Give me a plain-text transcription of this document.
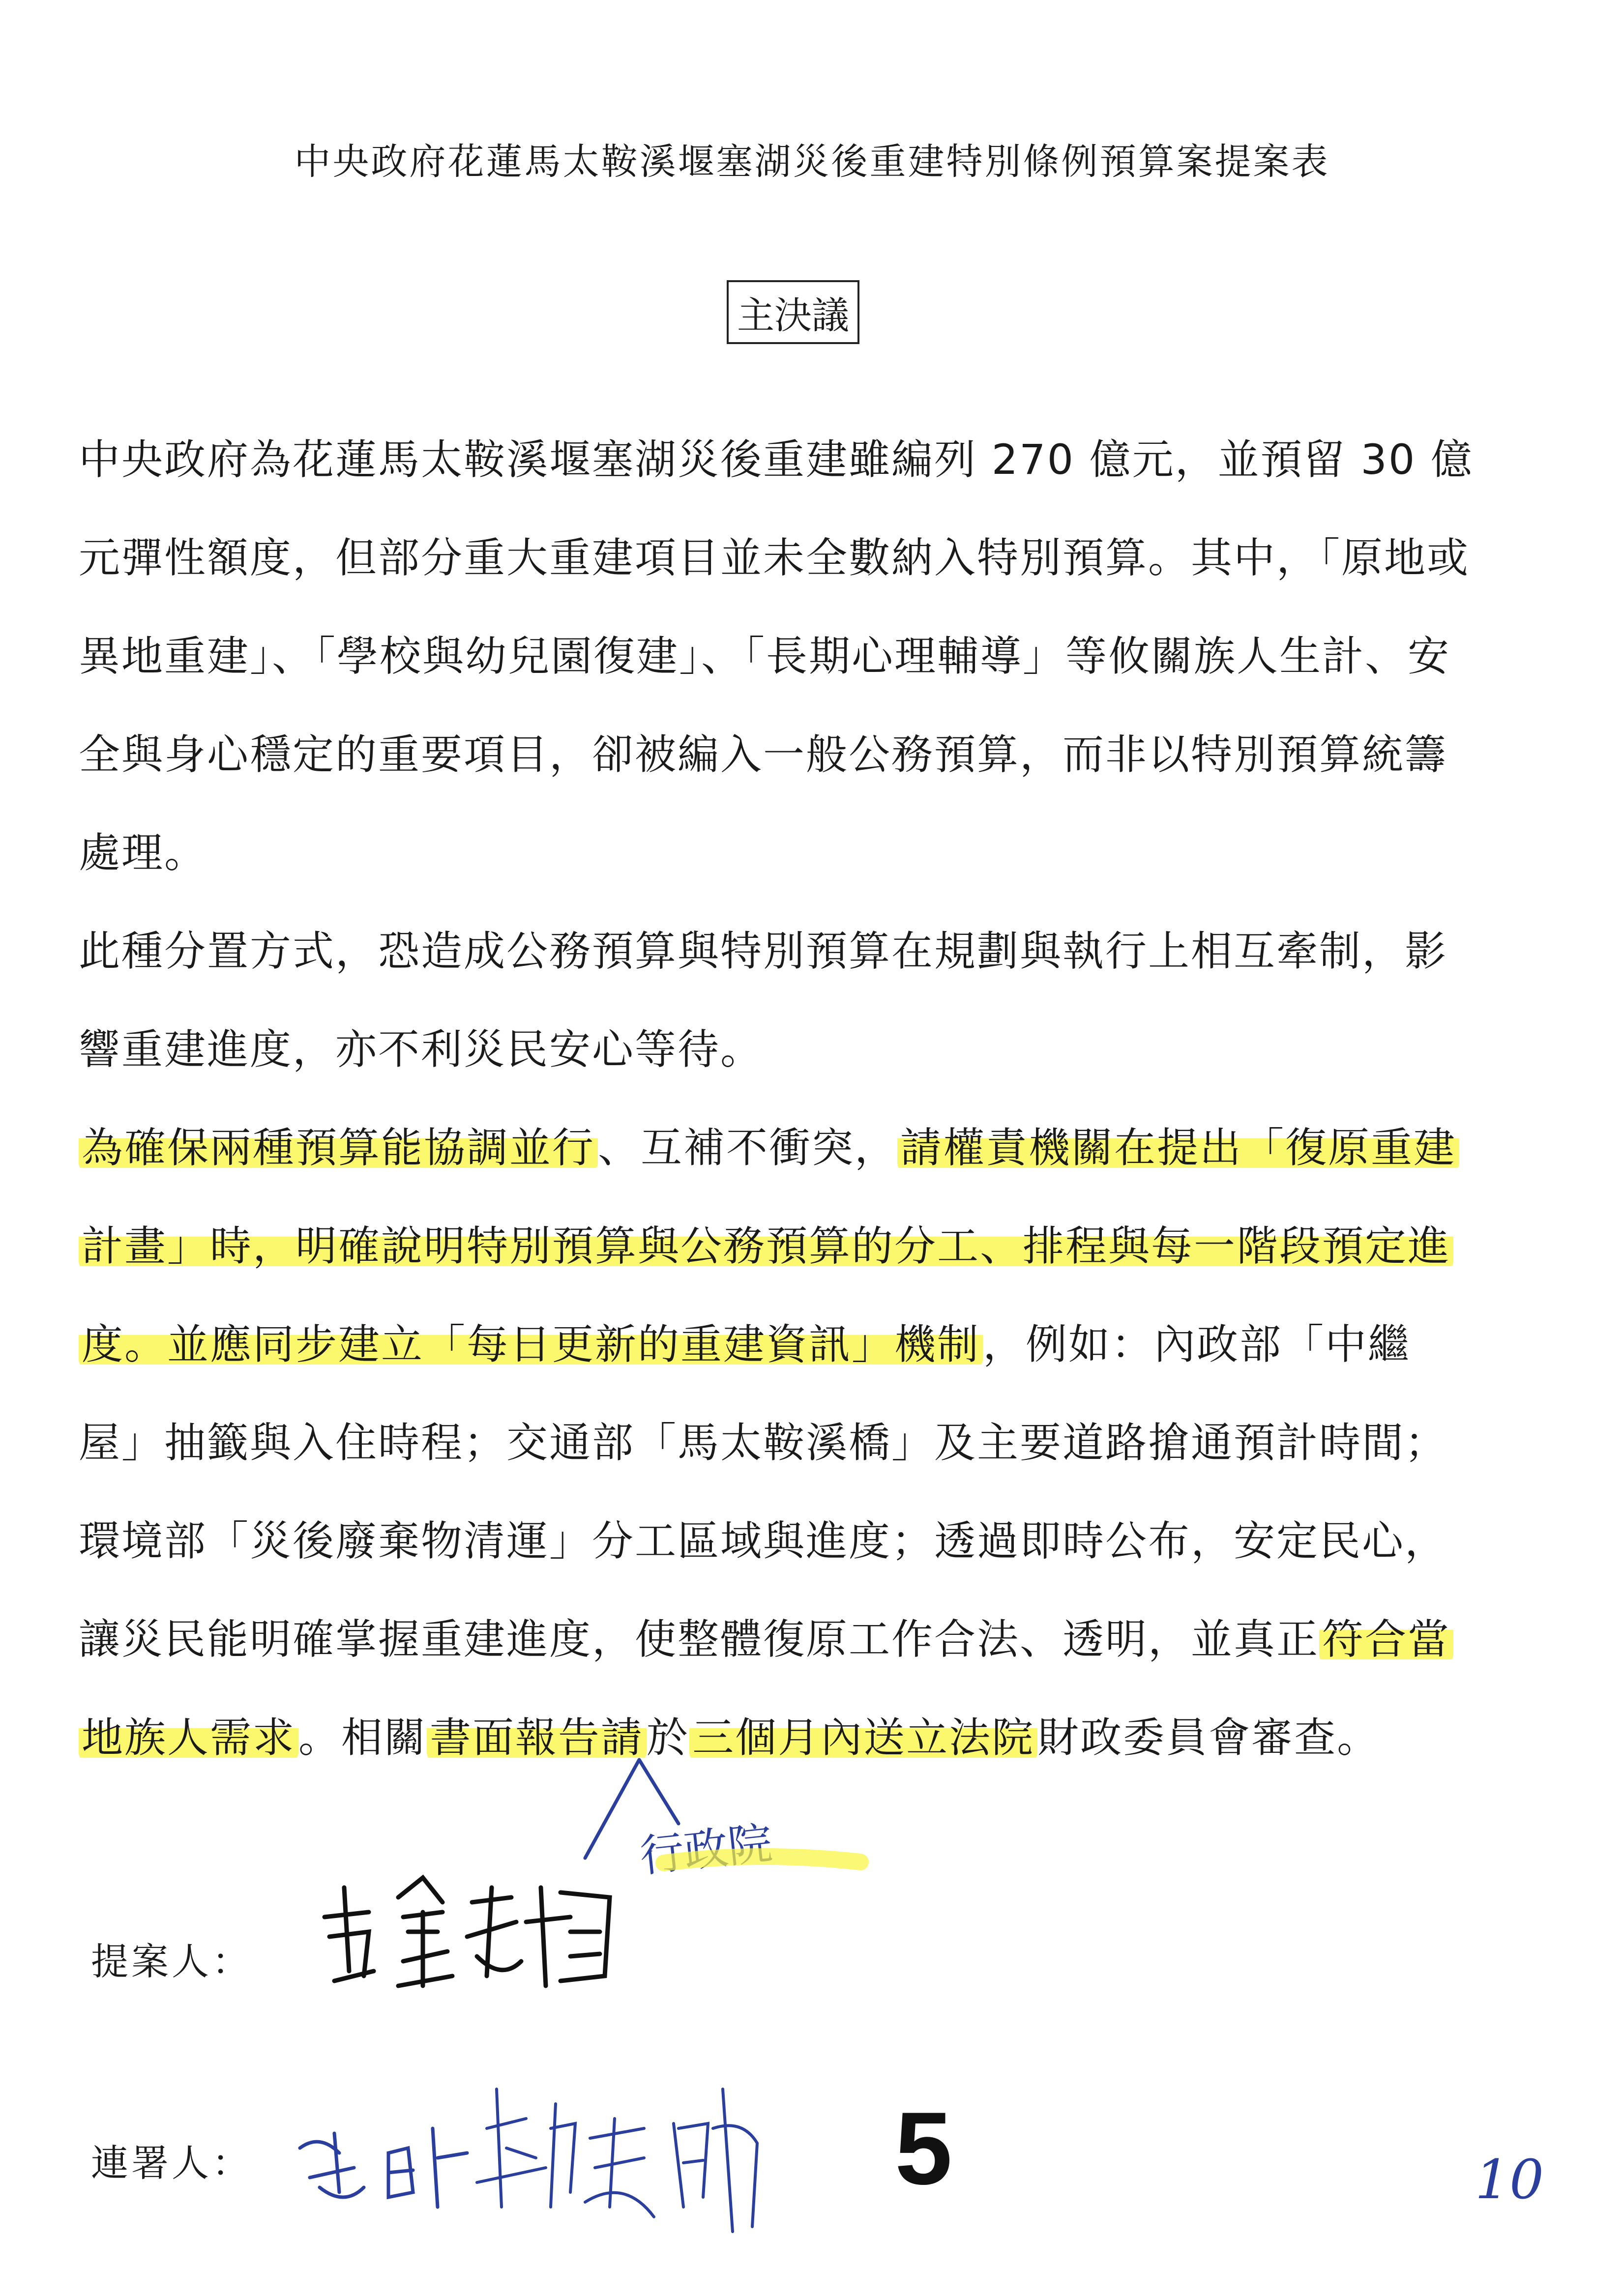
中央政府花蓮馬太鞍溪堰塞湖災後重建特別條例預算案提案表
主決議
中央政府為花蓮馬太鞍溪堰塞湖災後重建雖編列 270 億元，並預留 30 億
元彈性額度，但部分重大重建項目並未全數納入特別預算。其中，「原地或
異地重建」、「學校與幼兒園復建」、「長期心理輔導」等攸關族人生計、安
全與身心穩定的重要項目，卻被編入一般公務預算，而非以特別預算統籌
處理。
此種分置方式，恐造成公務預算與特別預算在規劃與執行上相互牽制，影
響重建進度，亦不利災民安心等待。
為確保兩種預算能協調並行、互補不衝突，請權責機關在提出「復原重建
計畫」時，明確說明特別預算與公務預算的分工、排程與每一階段預定進
度。並應同步建立「每日更新的重建資訊」機制，例如：內政部「中繼
屋」抽籤與入住時程；交通部「馬太鞍溪橋」及主要道路搶通預計時間；
環境部「災後廢棄物清運」分工區域與進度；透過即時公布，安定民心，
讓災民能明確掌握重建進度，使整體復原工作合法、透明，並真正符合當
地族人需求。相關書面報告請於三個月內送立法院財政委員會審查。
行政院
提案人：
連署人：	5	10
